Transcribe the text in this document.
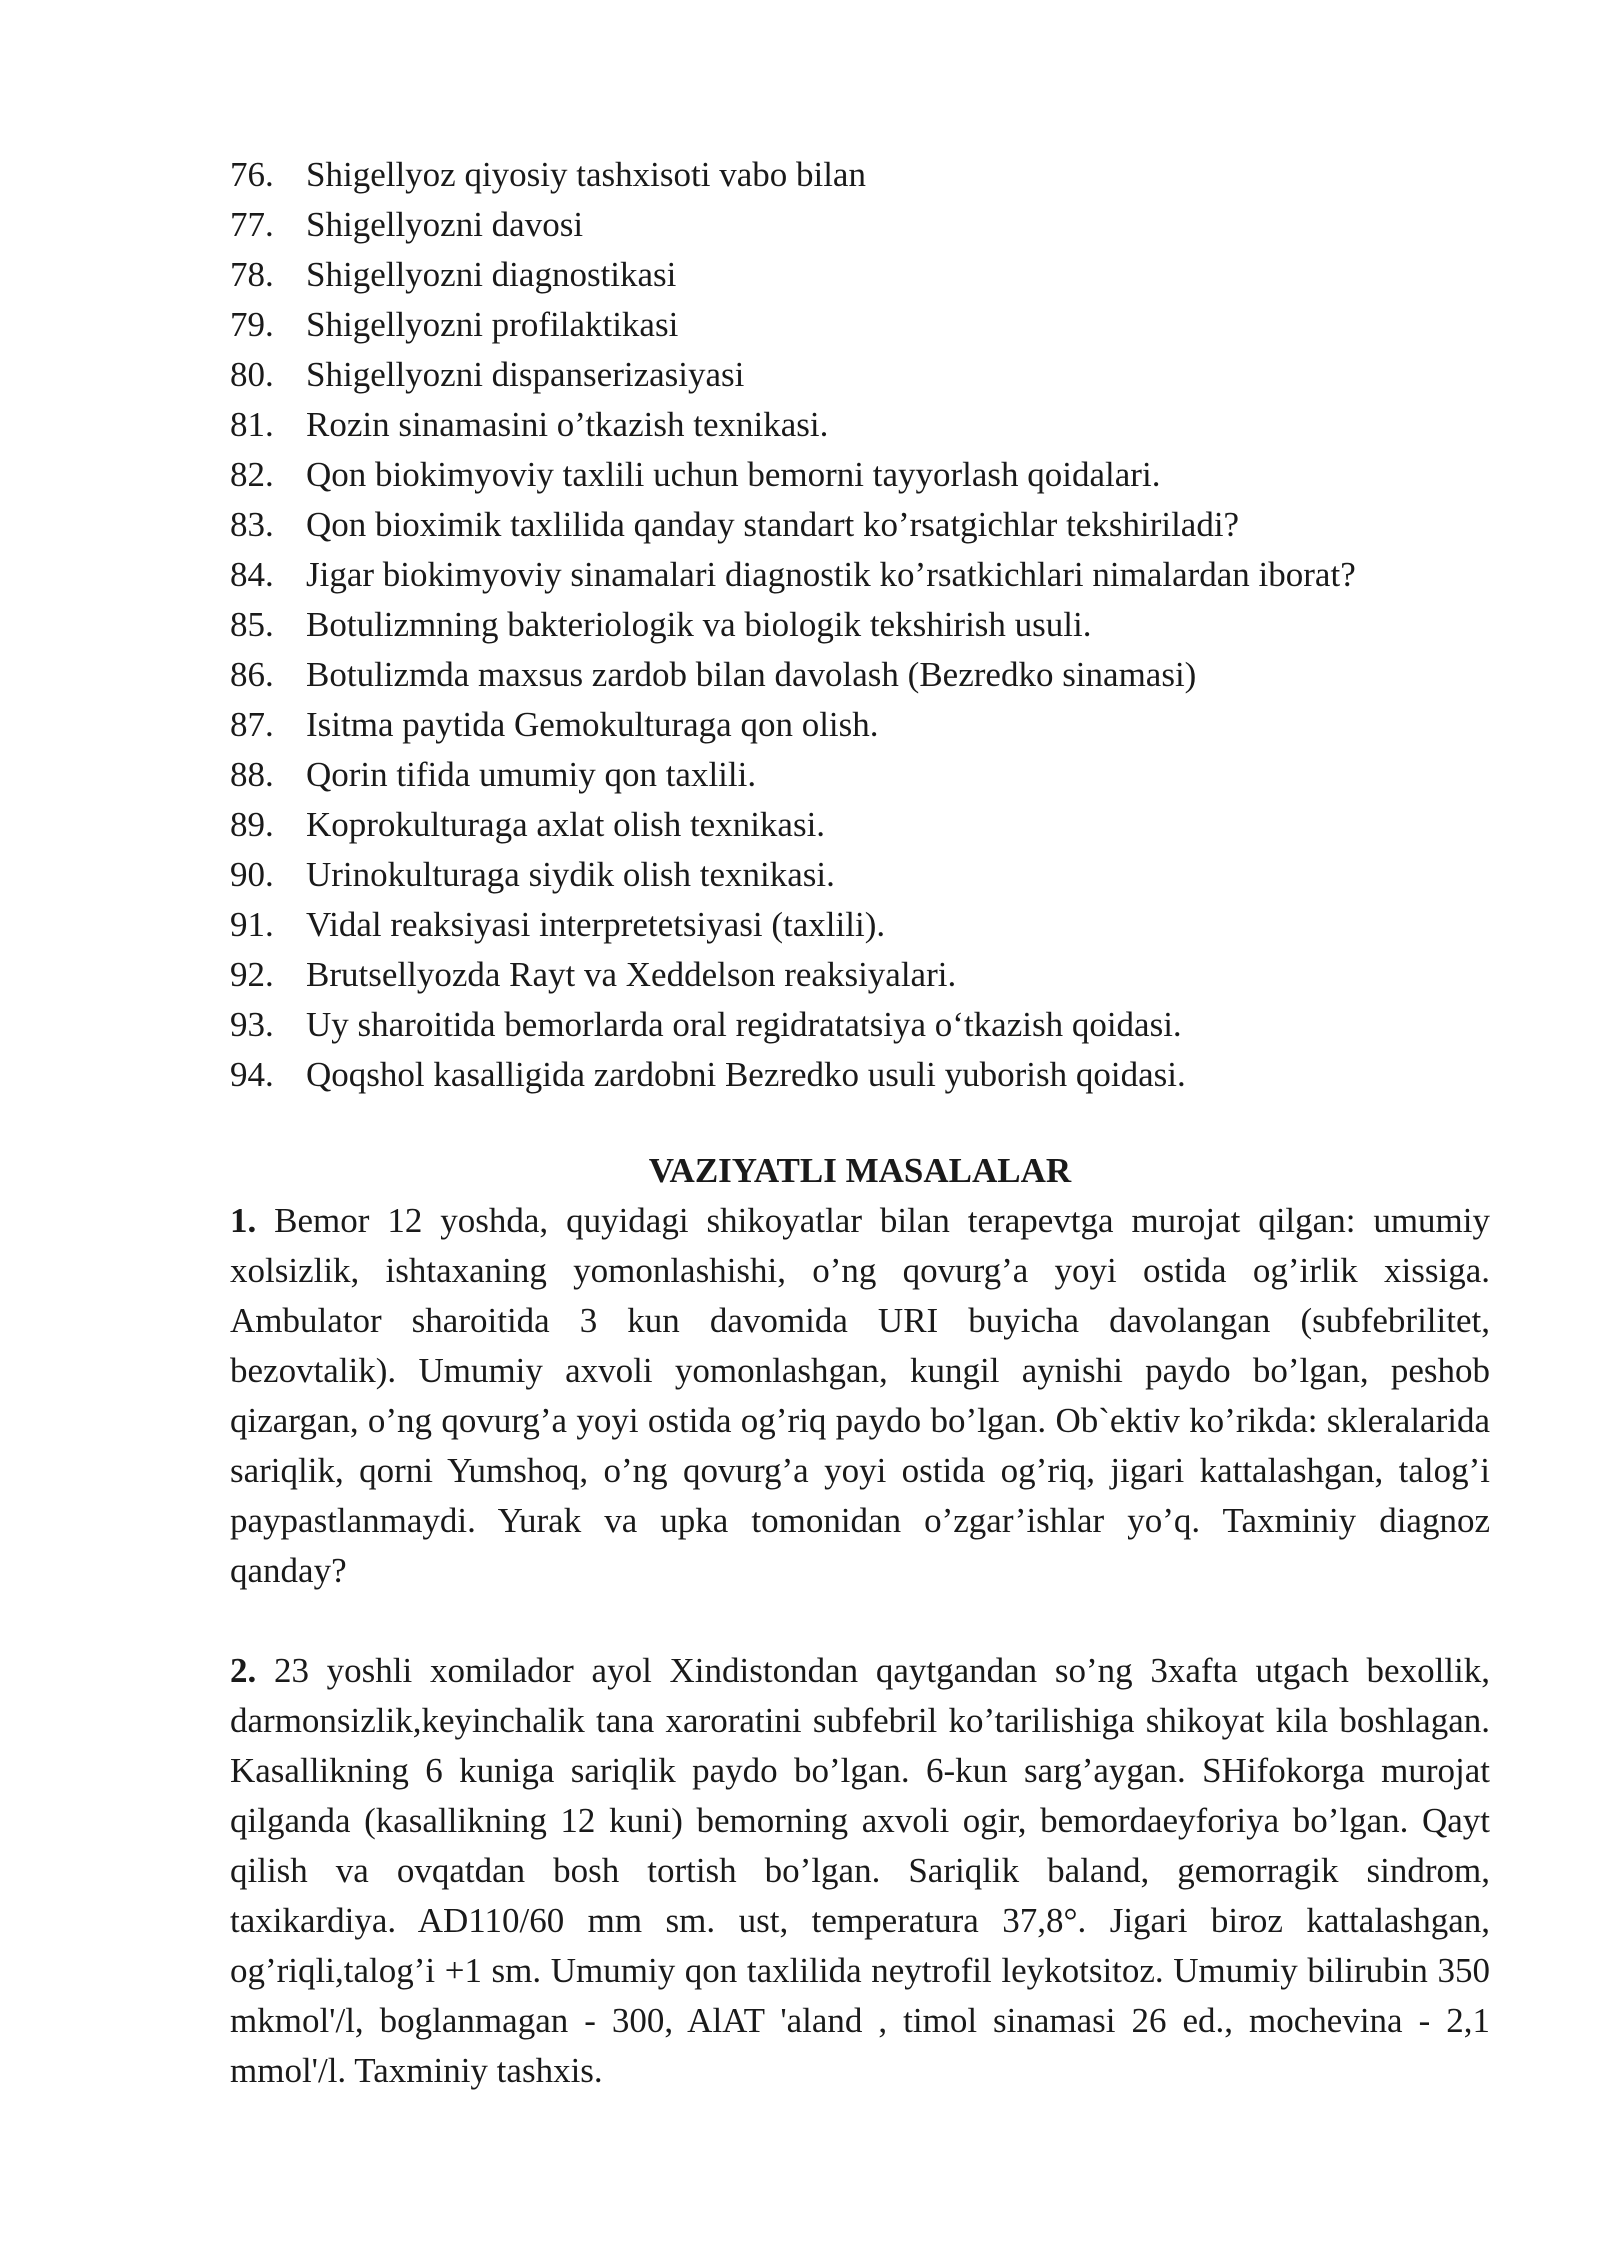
76. Shigellyoz qiyosiy tashxisoti vabo bilan
77. Shigellyozni davosi
78. Shigellyozni diagnostikasi
79. Shigellyozni profilaktikasi
80. Shigellyozni dispanserizasiyasi
81. Rozin sinamasini o’tkazish texnikasi.
82. Qon biokimyoviy taxlili uchun bemorni tayyorlash qoidalari.
83. Qon bioximik taxlilida qanday standart ko’rsatgichlar tekshiriladi?
84. Jigar biokimyoviy sinamalari diagnostik ko’rsatkichlari nimalardan iborat?
85. Botulizmning bakteriologik va biologik tekshirish usuli.
86. Botulizmda maxsus zardob bilan davolash (Bezredko sinamasi)
87. Isitma paytida Gemokulturaga qon olish.
88. Qorin tifida umumiy qon taxlili.
89. Koprokulturaga axlat olish texnikasi.
90. Urinokulturaga siydik olish texnikasi.
91. Vidal reaksiyasi interpretetsiyasi (taxlili).
92. Brutsellyozda Rayt va Xeddelson reaksiyalari.
93. Uy sharoitida bemorlarda oral regidratatsiya o‘tkazish qoidasi.
94. Qoqshol kasalligida zardobni Bezredko usuli yuborish qoidasi.
VAZIYATLI MASALALAR

1. Bemor 12 yoshda, quyidagi shikoyatlar bilan terapevtga murojat qilgan: umumiy xolsizlik, ishtaxaning yomonlashishi, o’ng qovurg’a yoyi ostida og’irlik xissiga. Ambulator sharoitida 3 kun davomida URI buyicha davolangan (subfebrilitet, bezovtalik). Umumiy axvoli yomonlashgan, kungil aynishi paydo bo’lgan, peshob qizargan, o’ng qovurg’a yoyi ostida og’riq paydo bo’lgan. Ob`ektiv ko’rikda: skleralarida sariqlik, qorni Yumshoq, o’ng qovurg’a yoyi ostida og’riq, jigari kattalashgan, talog’i paypastlanmaydi. Yurak va upka tomonidan o’zgar’ishlar yo’q. Taxminiy diagnoz qanday?

2. 23 yoshli xomilador ayol Xindistondan qaytgandan so’ng 3xafta utgach bexollik, darmonsizlik,keyinchalik tana xaroratini subfebril ko’tarilishiga shikoyat kila boshlagan. Kasallikning 6 kuniga sariqlik paydo bo’lgan. 6-kun sarg’aygan. SHifokorga murojat qilganda (kasallikning 12 kuni) bemorning axvoli ogir, bemordaeyforiya bo’lgan. Qayt qilish va ovqatdan bosh tortish bo’lgan. Sariqlik baland, gemorragik sindrom, taxikardiya. AD110/60 mm sm. ust, temperatura 37,8°. Jigari biroz kattalashgan, og’riqli,talog’i +1 sm. Umumiy qon taxlilida neytrofil leykotsitoz. Umumiy bilirubin 350 mkmol'/l, boglanmagan - 300, AlAT 'aland , timol sinamasi 26 ed., mochevina - 2,1 mmol'/l. Taxminiy tashxis.
